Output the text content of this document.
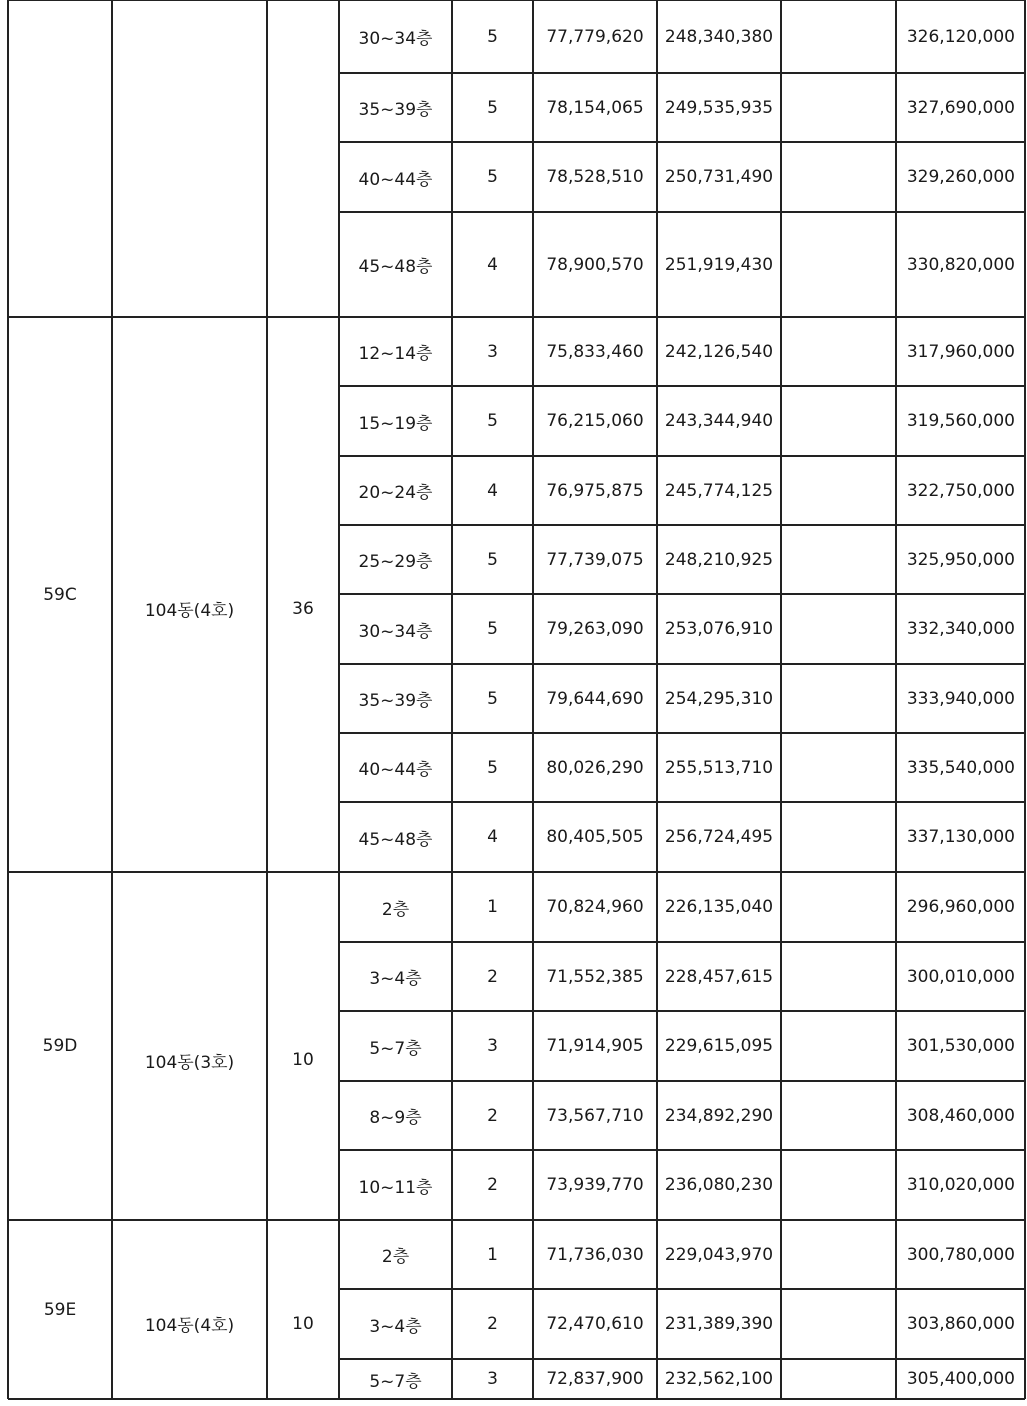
30~34층	5	77,779,620	248,340,380	326,120,000
35~39층	5	78,154,065	249,535,935	327,690,000
40~44층	5	78,528,510	250,731,490	329,260,000
45~48층	4	78,900,570	251,919,430	330,820,000
59C
104동(4호)	36
12~14층	3	75,833,460	242,126,540	317,960,000
15~19층	5	76,215,060	243,344,940	319,560,000
20~24층	4	76,975,875	245,774,125	322,750,000
25~29층	5	77,739,075	248,210,925	325,950,000
30~34층	5	79,263,090	253,076,910	332,340,000
35~39층	5	79,644,690	254,295,310	333,940,000
40~44층	5	80,026,290	255,513,710	335,540,000
45~48층	4	80,405,505	256,724,495	337,130,000
59D
104동(3호)	10
2층	1	70,824,960	226,135,040	296,960,000
3~4층	2	71,552,385	228,457,615	300,010,000
5~7층	3	71,914,905	229,615,095	301,530,000
8~9층	2	73,567,710	234,892,290	308,460,000
10~11층	2	73,939,770	236,080,230	310,020,000
59E
104동(4호)	10
2층	1	71,736,030	229,043,970	300,780,000
3~4층	2	72,470,610	231,389,390	303,860,000
5~7층	3	72,837,900	232,562,100	305,400,000
